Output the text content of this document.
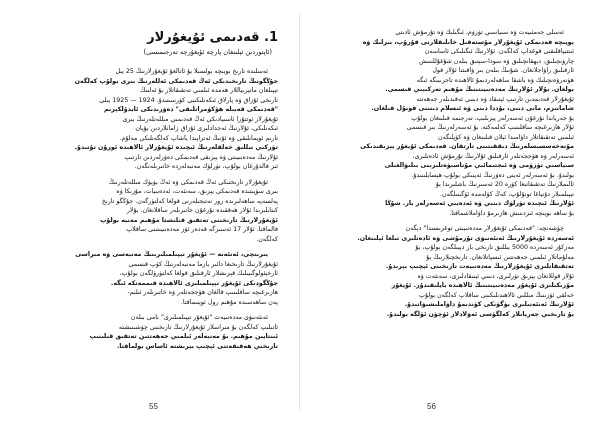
1. قەدىمى ئۇيغۇرلار
(ئاپتوردىن ئېلىنغان پارچە ئۇيغۇرچە تەرجىمىسى)
ئەسلىدە تارىخ بويىچە بولسىلا بۇ ئاتالغۇ ئۇيغۇرلارنىڭ 25 يىل
جۇڭگونىڭ تارىخىدىكى ئەڭ قەدىمكى ئەللەرنىڭ بىرى بولۇپ كەلگەن
تېپىلغان ماتېرىياللار ھەمدە ئىلمىي تەتقىقاتلار بۇ ئەلنىڭ
تارىخى ئۇزاق ۋە پارلاق ئىكەنلىكىنى كۆرسىتىدۇ. 1924 — 1925 يىلى
"قەدىمكى قەبىلە ھۆكۈمرانلىقى" دەۋرىدىكى ئابدۇلكېرىم
ئۇيغۇرلار ئوتتۇرا ئاسىيادىكى ئەڭ قەدىمىي مىللەتلەرنىڭ بىرى
ئىكەنلىكى، ئۇلارنىڭ ئەجدادلىرى ئۇزاق زامانلاردىن بۇيان
تارىم ئويمانلىقى ۋە ئۇنىڭ ئەتراپىدا ياشاپ كەلگەنلىكى مەلۇم.
تۈركىي تىللىق خەلقلەرنىڭ ئىچىدە ئۇيغۇرلار ئالاھىدە ئورۇن تۇتىدۇ.
ئۇلارنىڭ مەدەنىيىتى ۋە يېزىقى قەدىمكى دەۋرلەردىن تارتىپ
ئىز قالدۇرغان بولۇپ، تۈرلۈك مەنبەلەردە خاتىرىلەنگەن.
ئۇيغۇرلار تارىختىكى ئەڭ قەدىمكى ۋە ئەڭ بۈيۈك مىللەتلەرنىڭ
بىرى سۈپىتىدە قەدىمكى يېزىق، سەنئەت، ئەدەبىيات، مۇزىكا ۋە
پەلسەپە ساھەلىرىدە زور نەتىجىلەرنى قولغا كەلتۈرگەن. جۇڭگو تارىخ
كىتابلىرىدا ئۇلار ھەققىدە نۇرغۇن خاتىرىلەر ساقلانغان. بۇلار
ئۇيغۇرلارنىڭ تارىخىنى تەتقىق قىلىشتا مۇھىم مەنبە بولۇپ
قالماقتا. ئۇلار 17 ئەسىرگە قەدەر ئۆز مەدەنىيىتىنى ساقلاپ
كەلگەن.
بىرىنچى، ئەنئەنە — ئۇيغۇر تېپىلمىلىرىنىڭ مەنبەسى ۋە مىراسى
ئۇيغۇرلارنىڭ تارىخىغا دائىر يازما مەنبەلەرنىڭ كۆپ قىسمى
ئارخېئولوگىيىلىك قېزىشلار ئارقىلىق قولغا كەلتۈرۈلگەن بولۇپ،
جۇڭگودىكى ئۇيغۇر تېپىلمىلىرى ئالاھىدە قىممەتكە ئىگە.
ھازىرغىچە ساقلىنىپ قالغان ھۆججەتلەر ۋە خاتىرىلەر ئىلىم-
پەن ساھەسىدە مۇھىم رول ئوينىماقتا.
ئەنئەنىۋى مەدەنىيەت "ئۇيغۇر تېپىلمىلىرى" نامى بىلەن
ئاتىلىپ كەلگەن بۇ مىراسلار ئۇيغۇرلارنىڭ تارىخىنى چۈشىنىشتە
ئىنتايىن مۇھىم. بۇ مەنبەلەر ئىلمىي جەھەتتىن تەتقىق قىلىنىپ
تارىخىي ھەقىقەتنى ئېچىپ بېرىشتە ئاساس بولماقتا.
55
ئەسلى جەمئىيەت ۋە سىياسىي تۈزۈم، ئىگىلىك ۋە تۇرمۇش ئادىتى
بويىچە قەدىمكى ئۇيغۇرلار مۇستەقىل خانلىقلارنى قۇرۇپ، بىرلىك ۋە
ئىتتىپاقلىقنى قوغداپ كەلگەن. ئۇلارنىڭ ئىگىلىكى ئاساسەن
چارۋىچىلىق، دېھقانچىلىق ۋە سودا-سېتىق بىلەن شۇغۇللىنىش
ئارقىلىق راۋاجلانغان. شۇنىڭ بىلەن بىر ۋاقىتتا ئۇلار قول
ھۈنەرۋەنچىلىك ۋە باشقا ساھەلەردىمۇ ئالاھىدە تاجرىبىگە ئىگە
بولغان. بۇلار ئۇلارنىڭ مەدەنىيىتىنىڭ مۇھىم تەركىبىي قىسمى.
ئۇيغۇرلار قەدىمدىن تارتىپ ئېتىقاد ۋە دىنىي ئەقىدىلەر جەھەتتە
شامانىزم، مانى دىنى، بۇددا دىنى ۋە ئىسلام دىنىنى قوبۇل قىلغان.
بۇ جەرياندا نۇرغۇن ئەسەرلەر يېزىلىپ، تەرجىمە قىلىنغان بولۇپ
ئۇلار ھازىرغىچە ساقلىنىپ كەلمەكتە. بۇ ئەسەرلەرنىڭ بىر قىسمى
ئىلمىي تەتقىقاتلار داۋامىدا ئېلان قىلىنغان ۋە كۆپلىگەن
مۇتەخەسسىسلەرنىڭ دىققىتىنى تارتقان. قەدىمكى ئۇيغۇر يېزىقىدىكى
ئەسەرلەر ۋە ھۆججەتلەر ئارقىلىق ئۇلارنىڭ تۇرمۇش ئادەتلىرى،
سىياسىي تۈزۈمى ۋە ئىجتىمائىي مۇناسىۋەتلىرىنى بىلىۋالغىلى
بولىدۇ. بۇ ئەسەرلەر ئەينى دەۋرنىڭ ئەينىكى بولۇپ ھېسابلىنىدۇ.
ئالىملارنىڭ تەتقىقاتىغا كۆرە 20 ئەسىرنىڭ باشلىرىدا بۇ
تېپىلمىلار دۇنياغا تونۇلۇپ، كەڭ كۆلەمدە ئۆگىنىلگەن.
ئۇلارنىڭ ئىچىدە تۈرلۈك دىنىي ۋە ئەدەبىي ئەسەرلەر بار. شۇڭا
بۇ ساھە بويىچە ئىزدىنىش ھازىرمۇ داۋاملاشماقتا.
چۈشەنچە: "قەدىمكى ئۇيغۇرلار مەدەنىيىتى توغرىسىدا" دېگەن
ئەسەردە ئۇيغۇرلارنىڭ ئەنئەنىۋى تۇرمۇشى ۋە ئادەتلىرى تىلغا ئېلىنغان.
مەزكۇر ئەسەردە 5000 يىللىق تارىخى بار دېيىلگەن بولۇپ، بۇ
مەلۇماتلار ئىلمىي جەھەتتىن ئىسپاتلانغان. تارىخچىلارنىڭ بۇ
تەتقىقاتلىرى ئۇيغۇرلارنىڭ مەدەنىيەت تارىخىنى ئېچىپ بېرىدۇ.
ئۇلار قوللانغان يېزىق تۈرلىرى، دىنىي ئېتىقادلىرى، سەنئەت ۋە
مۇزىكىلىرى ئۇيغۇر مەدەنىيىتىنىڭ ئالاھىدە بايلىقىدۇر. ئۇيغۇر
خەلقى ئۆزىنىڭ مىللىي ئالاھىدىلىكىنى ساقلاپ كەلگەن بولۇپ
ئۇلارنىڭ ئەنئەنىلىرى بۈگۈنكى كۈندىمۇ داۋاملىشىۋاتىدۇ.
بۇ تارىخىي جەريانلار كەلگۈسى ئەۋلادلار ئۈچۈن ئۈلگە بولىدۇ.
56
